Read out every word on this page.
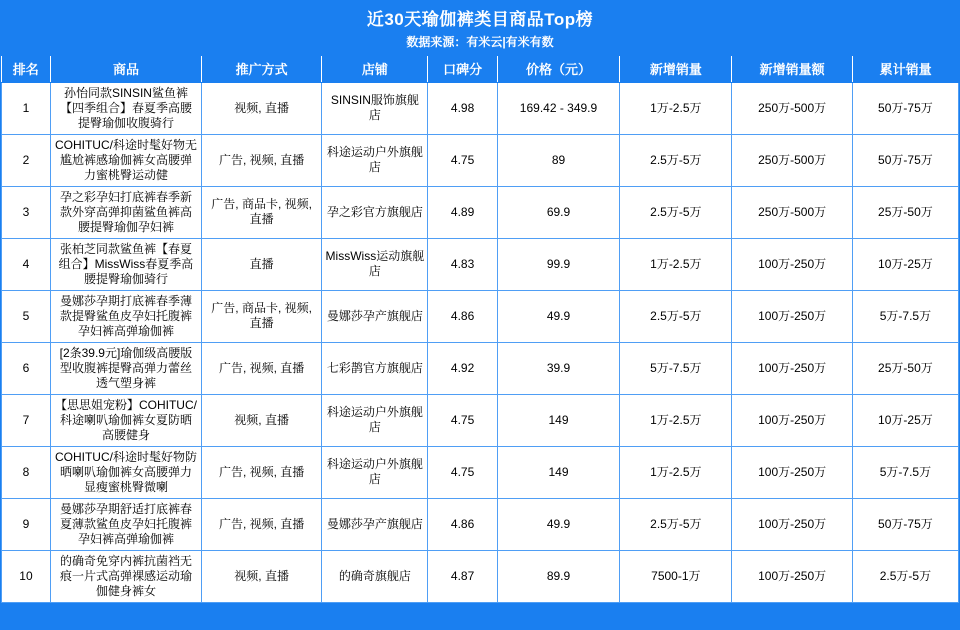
近30天瑜伽裤类目商品Top榜
数据来源：有米云|有米有数
排名	商品	推广方式	店铺	口碑分	价格（元）	新增销量	新增销量额	累计销量
1	孙怡同款SINSIN鲨鱼裤【四季组合】春夏季高腰提臀瑜伽收腹骑行	视频, 直播	SINSIN服饰旗舰店	4.98	169.42 - 349.9	1万-2.5万	250万-500万	50万-75万
2	COHITUC/科途时髦好物无尴尬裤感瑜伽裤女高腰弹力蜜桃臀运动健	广告, 视频, 直播	科途运动户外旗舰店	4.75	89	2.5万-5万	250万-500万	50万-75万
3	孕之彩孕妇打底裤春季新款外穿高弹抑菌鲨鱼裤高腰提臀瑜伽孕妇裤	广告, 商品卡, 视频, 直播	孕之彩官方旗舰店	4.89	69.9	2.5万-5万	250万-500万	25万-50万
4	张柏芝同款鲨鱼裤【春夏组合】MissWiss春夏季高腰提臀瑜伽骑行	直播	MissWiss运动旗舰店	4.83	99.9	1万-2.5万	100万-250万	10万-25万
5	曼娜莎孕期打底裤春季薄款提臀鲨鱼皮孕妇托腹裤孕妇裤高弹瑜伽裤	广告, 商品卡, 视频, 直播	曼娜莎孕产旗舰店	4.86	49.9	2.5万-5万	100万-250万	5万-7.5万
6	[2条39.9元]瑜伽级高腰版型收腹裤提臀高弹力蕾丝透气塑身裤	广告, 视频, 直播	七彩鹊官方旗舰店	4.92	39.9	5万-7.5万	100万-250万	25万-50万
7	【思思姐宠粉】COHITUC/科途喇叭瑜伽裤女夏防晒高腰健身	视频, 直播	科途运动户外旗舰店	4.75	149	1万-2.5万	100万-250万	10万-25万
8	COHITUC/科途时髦好物防晒喇叭瑜伽裤女高腰弹力显瘦蜜桃臀微喇	广告, 视频, 直播	科途运动户外旗舰店	4.75	149	1万-2.5万	100万-250万	5万-7.5万
9	曼娜莎孕期舒适打底裤春夏薄款鲨鱼皮孕妇托腹裤孕妇裤高弹瑜伽裤	广告, 视频, 直播	曼娜莎孕产旗舰店	4.86	49.9	2.5万-5万	100万-250万	50万-75万
10	的确奇免穿内裤抗菌裆无痕一片式高弹裸感运动瑜伽健身裤女	视频, 直播	的确奇旗舰店	4.87	89.9	7500-1万	100万-250万	2.5万-5万
